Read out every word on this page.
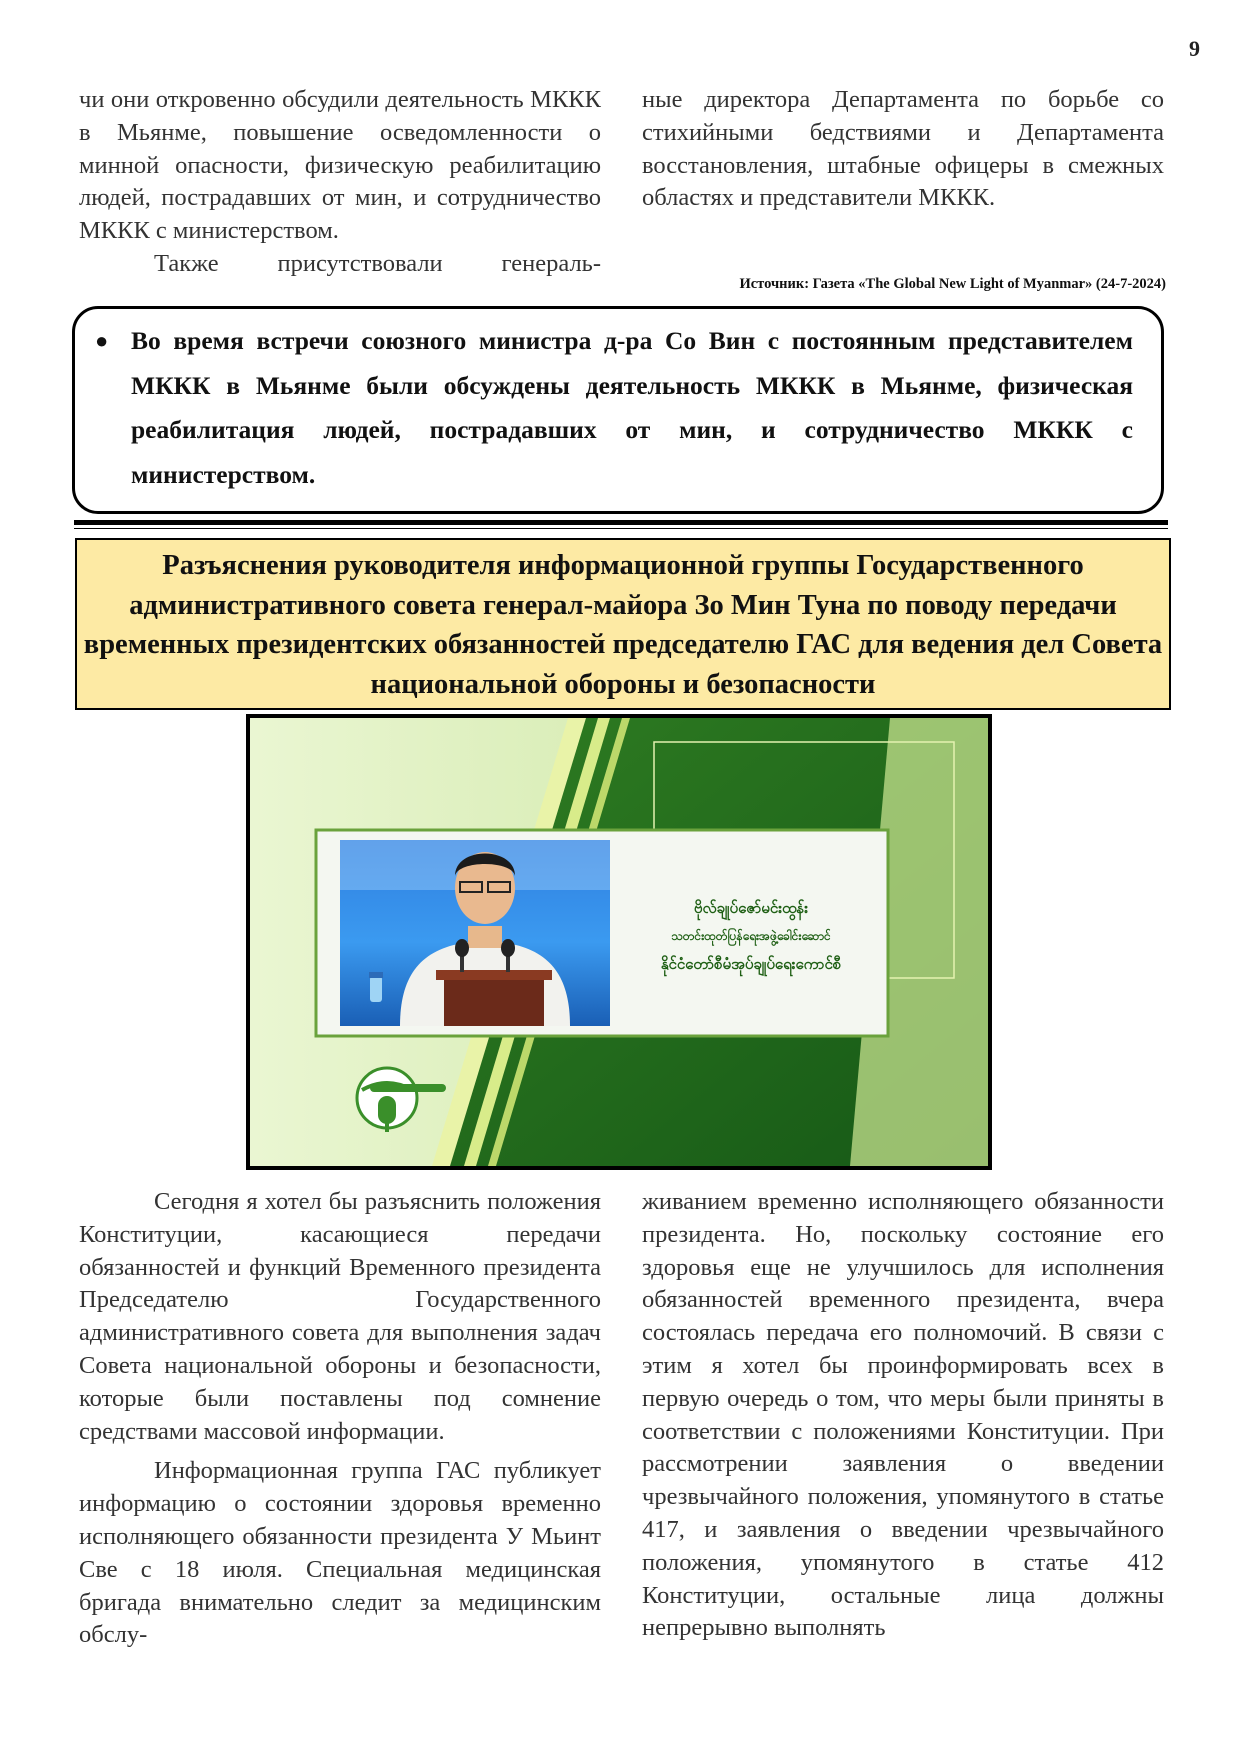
9

чи они откровенно обсудили деятельность МККК в Мьянме, повышение осведомленности о минной опасности, физическую реабилитацию людей, пострадавших от мин, и сотрудничество МККК с министерством.

Также присутствовали генераль-

ные директора Департамента по борьбе со стихийными бедствиями и Департамента восстановления, штабные офицеры в смежных областях и представители МККК.

Источник: Газета «The Global New Light of Myanmar» (24-7-2024)
● Во время встречи союзного министра д-ра Со Вин с постоянным представителем МККК в Мьянме были обсуждены деятельность МККК в Мьянме, физическая реабилитация людей, пострадавших от мин, и сотрудничество МККК с министерством.
Разъяснения руководителя информационной группы Государственного административного совета генерал-майора Зо Мин Туна по поводу передачи временных президентских обязанностей председателю ГАС для ведения дел Совета национальной обороны и безопасности
ဗိုလ်ချုပ်ဇော်မင်းထွန်း
သတင်းထုတ်ပြန်ရေးအဖွဲ့ခေါင်းဆောင်
နိုင်ငံတော်စီမံအုပ်ချုပ်ရေးကောင်စီ

Сегодня я хотел бы разъяснить положения Конституции, касающиеся передачи обязанностей и функций Временного президента Председателю Государственного административного совета для выполнения задач Совета национальной обороны и безопасности, которые были поставлены под сомнение средствами массовой информации.

Информационная группа ГАС публикует информацию о состоянии здоровья временно исполняющего обязанности президента У Мьинт Све с 18 июля. Специальная медицинская бригада внимательно следит за медицинским обслу-

живанием временно исполняющего обязанности президента. Но, поскольку состояние его здоровья еще не улучшилось для исполнения обязанностей временного президента, вчера состоялась передача его полномочий. В связи с этим я хотел бы проинформировать всех в первую очередь о том, что меры были приняты в соответствии с положениями Конституции. При рассмотрении заявления о введении чрезвычайного положения, упомянутого в статье 417, и заявления о введении чрезвычайного положения, упомянутого в статье 412 Конституции, остальные лица должны непрерывно выполнять
